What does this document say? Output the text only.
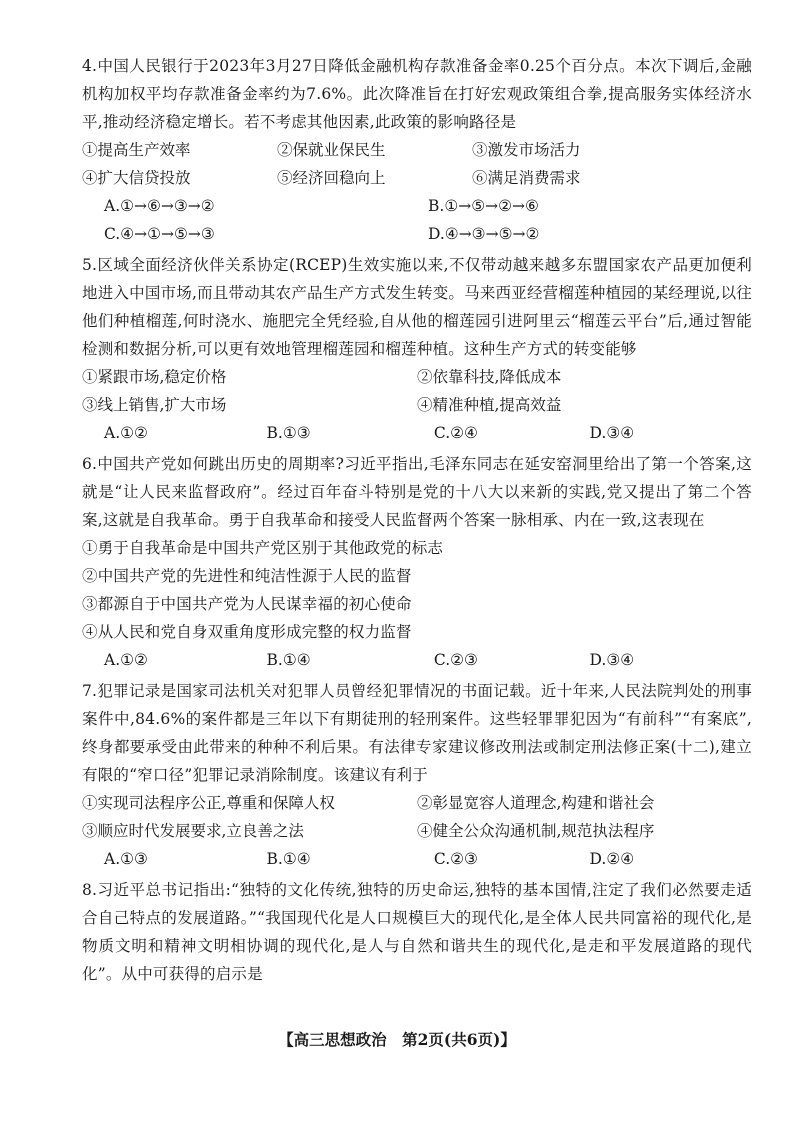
4.中国人民银行于2023年3月27日降低金融机构存款准备金率0.25个百分点。本次下调后,金融机构加权平均存款准备金率约为7.6%。此次降准旨在打好宏观政策组合拳,提高服务实体经济水平,推动经济稳定增长。若不考虑其他因素,此政策的影响路径是
①提高生产效率	②保就业保民生	③激发市场活力
④扩大信贷投放	⑤经济回稳向上	⑥满足消费需求
A.①→⑥→③→②	B.①→⑤→②→⑥
C.④→①→⑤→③	D.④→③→⑤→②
5.区域全面经济伙伴关系协定(RCEP)生效实施以来,不仅带动越来越多东盟国家农产品更加便利地进入中国市场,而且带动其农产品生产方式发生转变。马来西亚经营榴莲种植园的某经理说,以往他们种植榴莲,何时浇水、施肥完全凭经验,自从他的榴莲园引进阿里云“榴莲云平台”后,通过智能检测和数据分析,可以更有效地管理榴莲园和榴莲种植。这种生产方式的转变能够
①紧跟市场,稳定价格	②依靠科技,降低成本
③线上销售,扩大市场	④精准种植,提高效益
A.①②	B.①③	C.②④	D.③④
6.中国共产党如何跳出历史的周期率?习近平指出,毛泽东同志在延安窑洞里给出了第一个答案,这就是“让人民来监督政府”。经过百年奋斗特别是党的十八大以来新的实践,党又提出了第二个答案,这就是自我革命。勇于自我革命和接受人民监督两个答案一脉相承、内在一致,这表现在
①勇于自我革命是中国共产党区别于其他政党的标志
②中国共产党的先进性和纯洁性源于人民的监督
③都源自于中国共产党为人民谋幸福的初心使命
④从人民和党自身双重角度形成完整的权力监督
A.①②	B.①④	C.②③	D.③④
7.犯罪记录是国家司法机关对犯罪人员曾经犯罪情况的书面记载。近十年来,人民法院判处的刑事案件中,84.6%的案件都是三年以下有期徒刑的轻刑案件。这些轻罪罪犯因为“有前科”“有案底”,终身都要承受由此带来的种种不利后果。有法律专家建议修改刑法或制定刑法修正案(十二),建立有限的“窄口径”犯罪记录消除制度。该建议有利于
①实现司法程序公正,尊重和保障人权	②彰显宽容人道理念,构建和谐社会
③顺应时代发展要求,立良善之法	④健全公众沟通机制,规范执法程序
A.①③	B.①④	C.②③	D.②④
8.习近平总书记指出:“独特的文化传统,独特的历史命运,独特的基本国情,注定了我们必然要走适合自己特点的发展道路。”“我国现代化是人口规模巨大的现代化,是全体人民共同富裕的现代化,是物质文明和精神文明相协调的现代化,是人与自然和谐共生的现代化,是走和平发展道路的现代化”。从中可获得的启示是
【高三思想政治　第2页(共6页)】
